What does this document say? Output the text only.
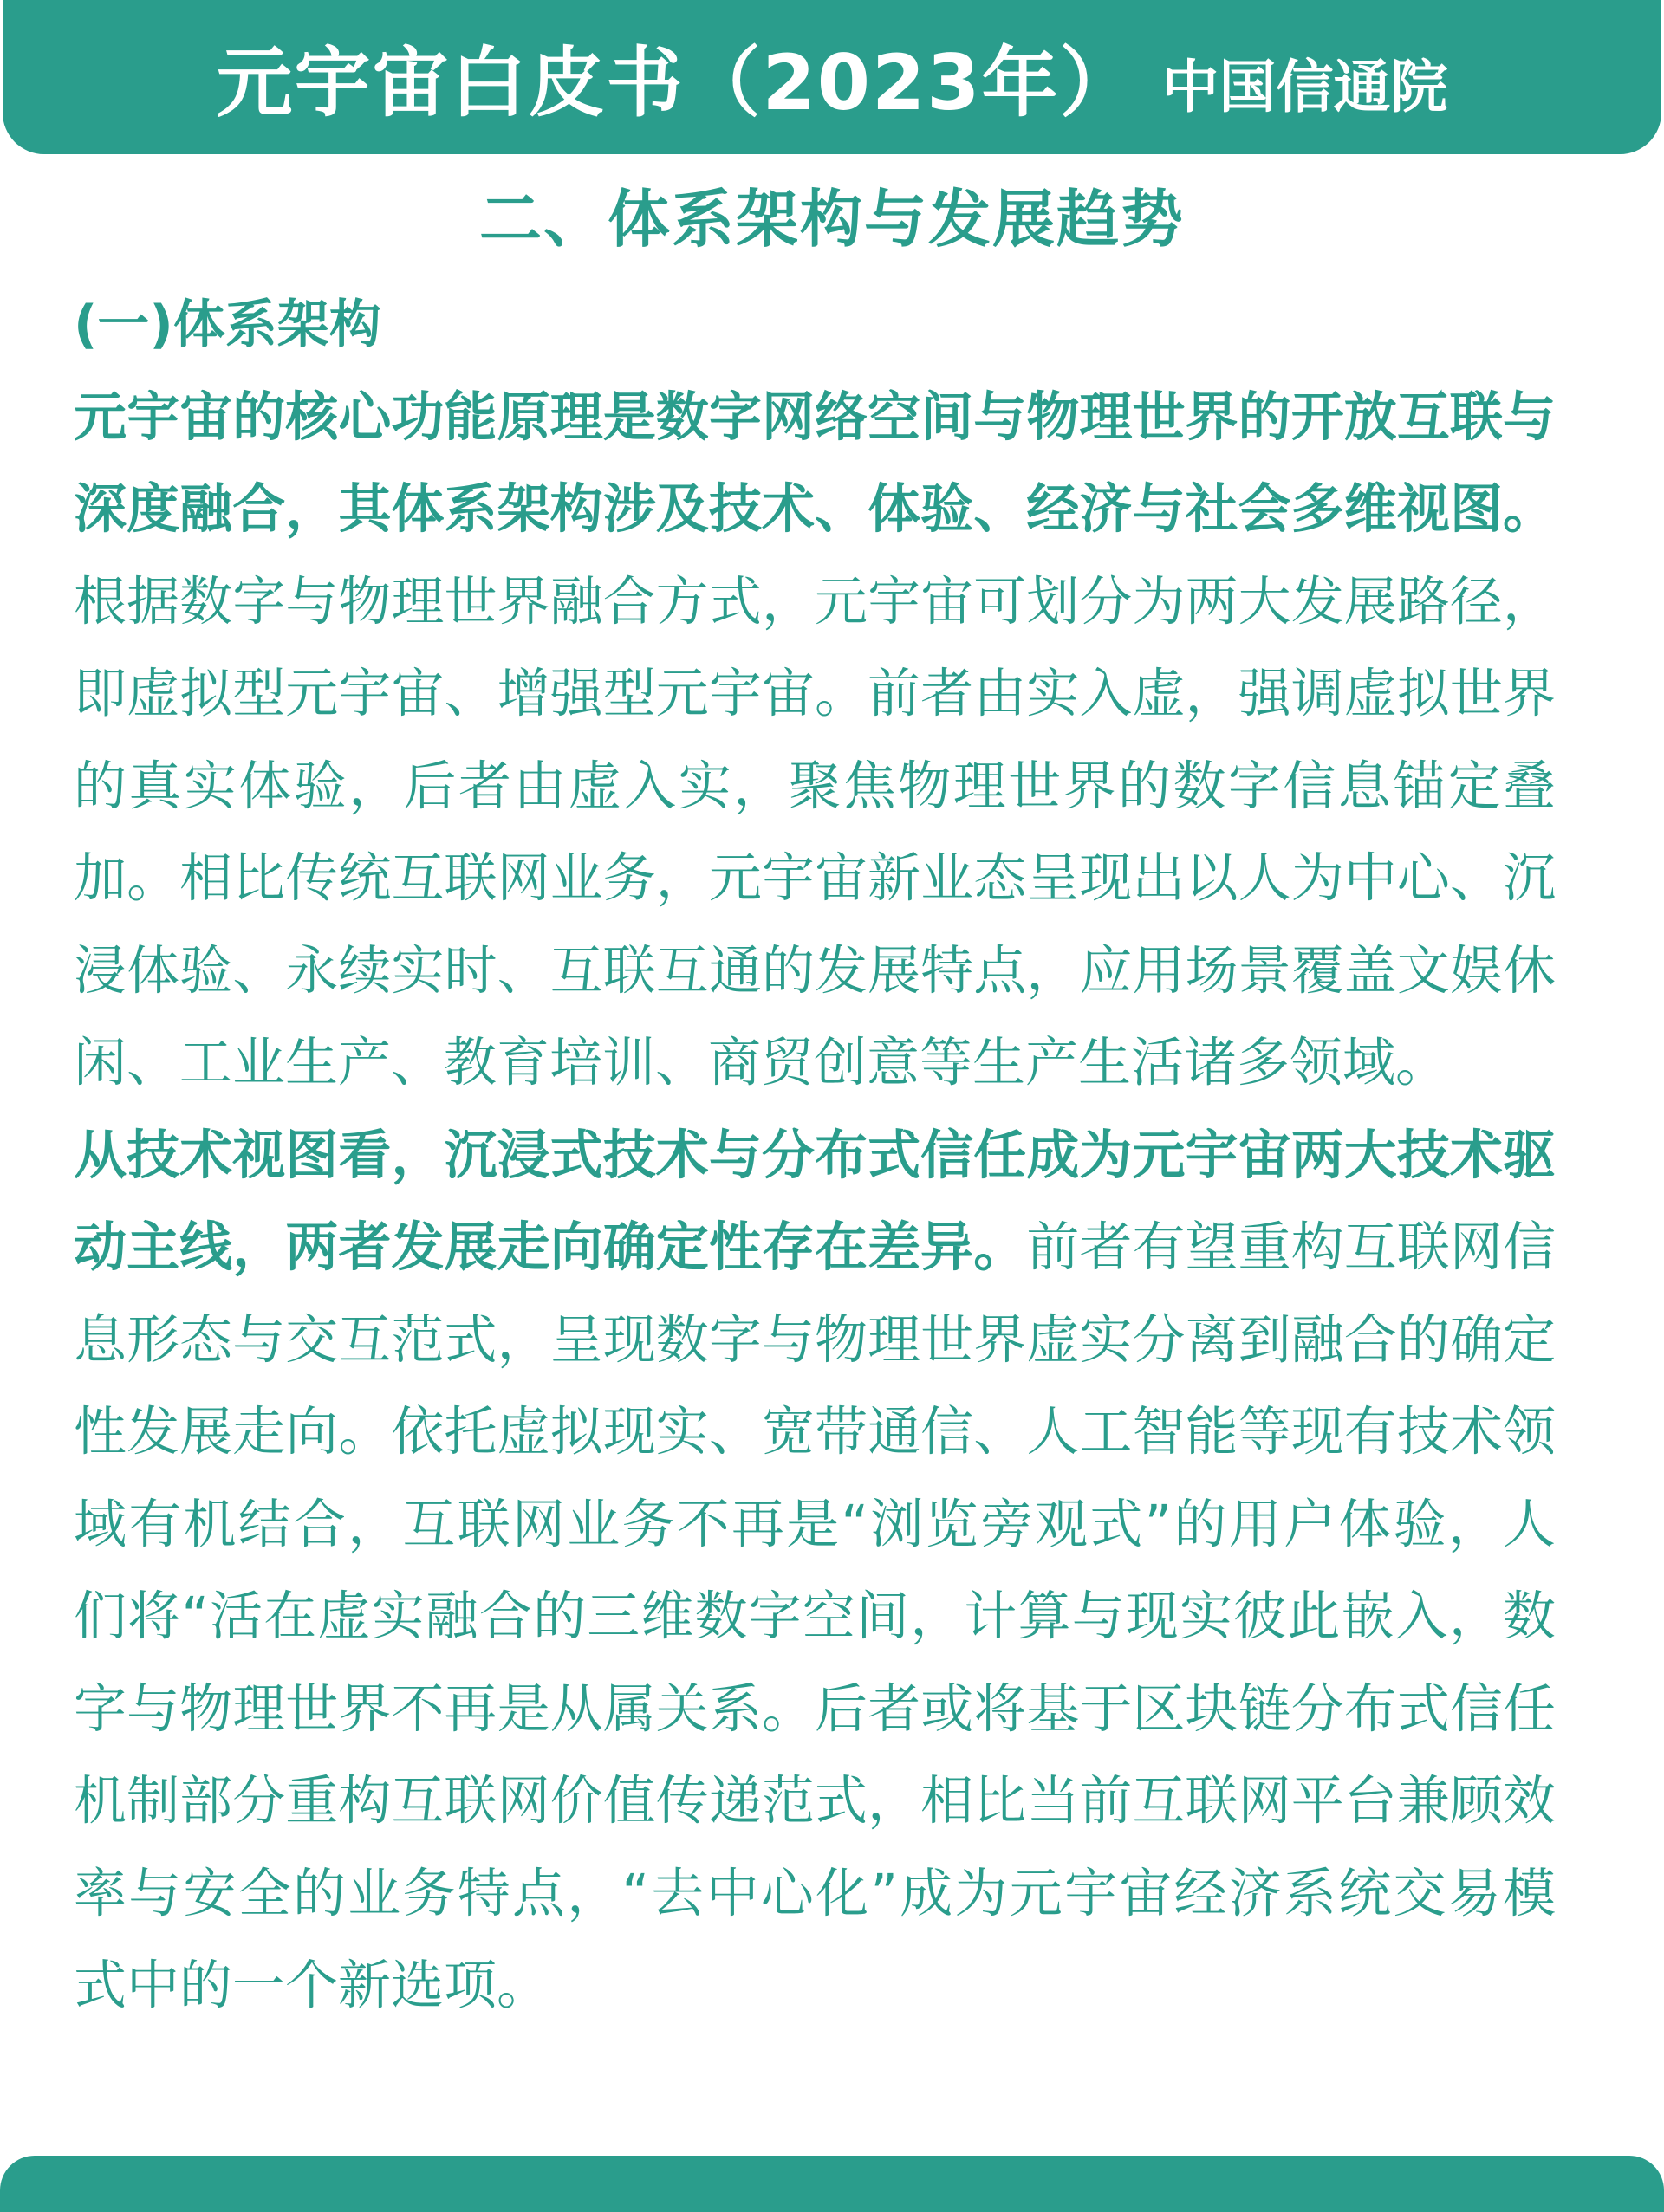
元宇宙白皮书（2023年） 中国信通院
二、体系架构与发展趋势
(一)体系架构

元宇宙的核心功能原理是数字网络空间与物理世界的开放互联与深度融合，其体系架构涉及技术、体验、经济与社会多维视图。根据数字与物理世界融合方式，元宇宙可划分为两大发展路径，即虚拟型元宇宙、增强型元宇宙。前者由实入虚，强调虚拟世界的真实体验，后者由虚入实，聚焦物理世界的数字信息锚定叠加。相比传统互联网业务，元宇宙新业态呈现出以人为中心、沉浸体验、永续实时、互联互通的发展特点，应用场景覆盖文娱休闲、工业生产、教育培训、商贸创意等生产生活诸多领域。

从技术视图看，沉浸式技术与分布式信任成为元宇宙两大技术驱动主线，两者发展走向确定性存在差异。前者有望重构互联网信息形态与交互范式，呈现数字与物理世界虚实分离到融合的确定性发展走向。依托虚拟现实、宽带通信、人工智能等现有技术领域有机结合，互联网业务不再是“浏览旁观式”的用户体验，人们将“活在虚实融合的三维数字空间，计算与现实彼此嵌入，数字与物理世界不再是从属关系。后者或将基于区块链分布式信任机制部分重构互联网价值传递范式，相比当前互联网平台兼顾效率与安全的业务特点，“去中心化”成为元宇宙经济系统交易模式中的一个新选项。
